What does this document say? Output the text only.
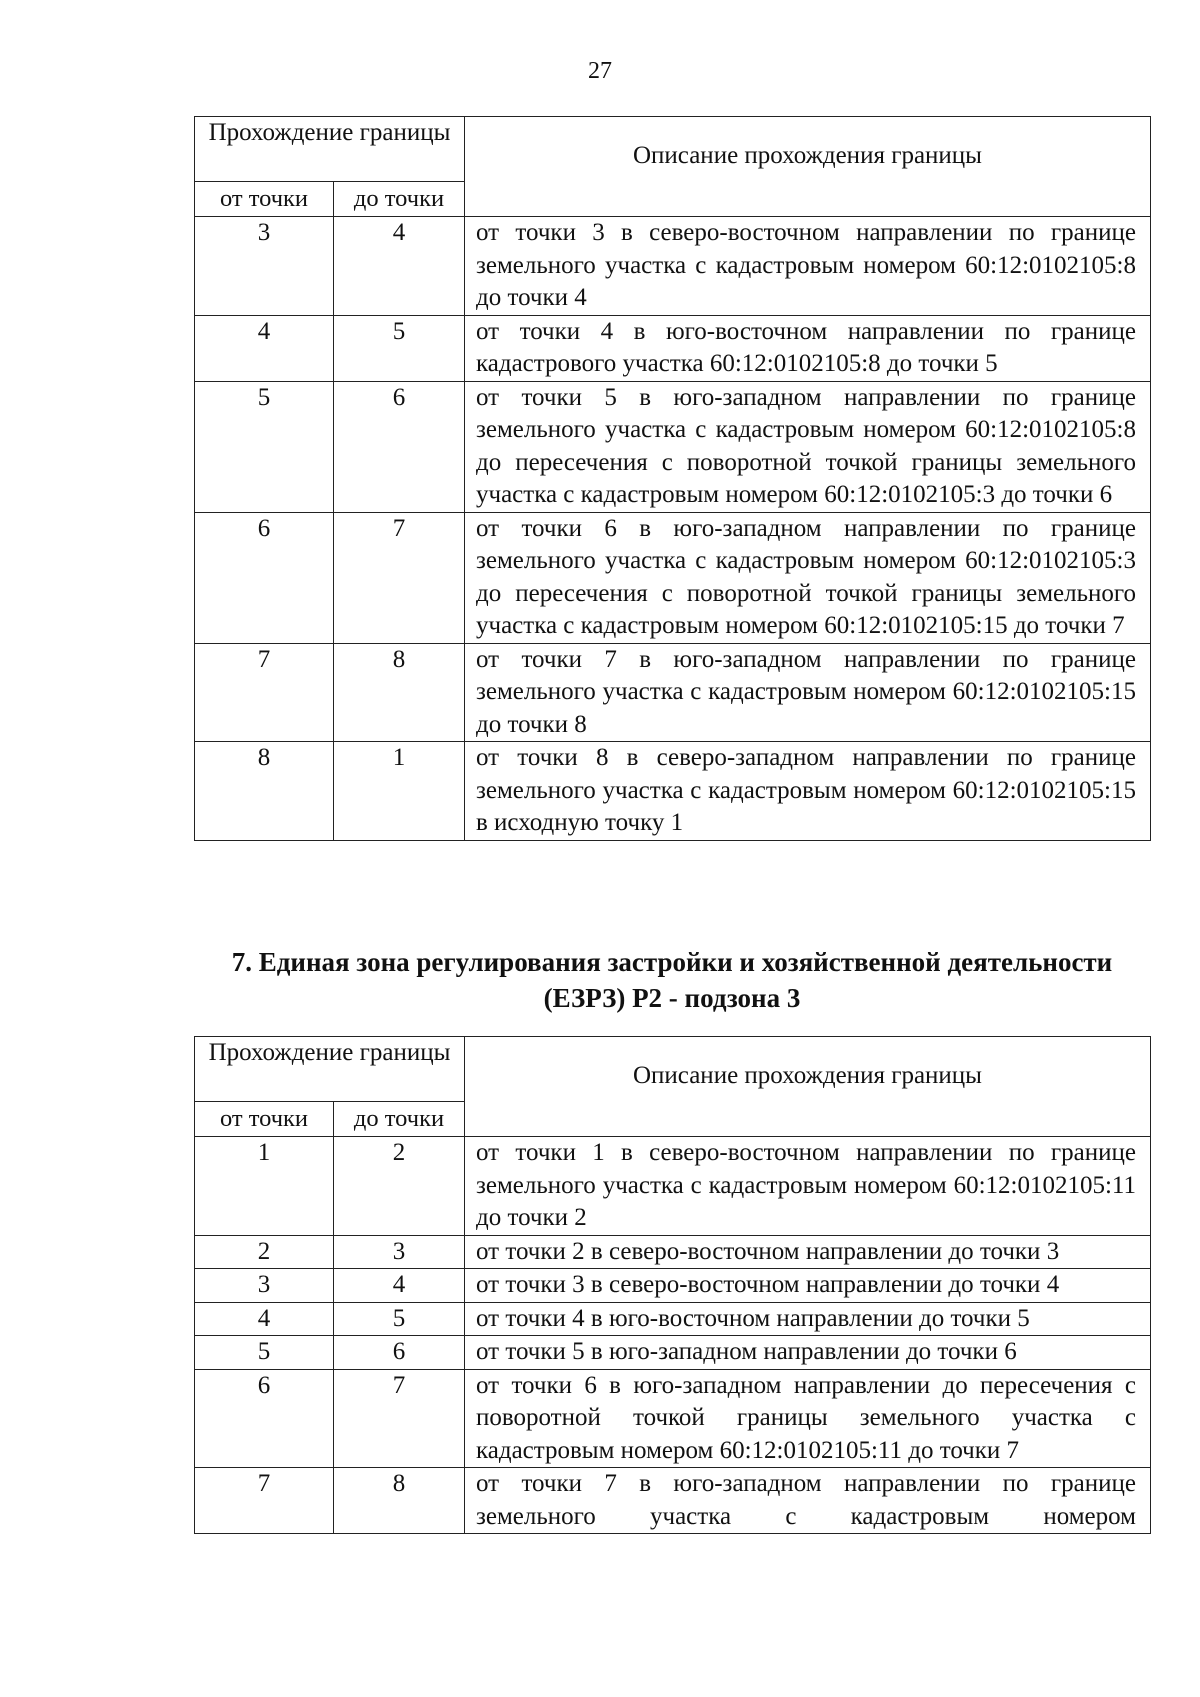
27
Прохождение границы		Описание прохождения границы
от точки	до точки	
3	4	от точки 3 в северо-восточном направлении по границе земельного участка с кадастровым номером 60:12:0102105:8 до точки 4
4	5	от точки 4 в юго-восточном направлении по границе кадастрового участка 60:12:0102105:8 до точки 5
5	6	от точки 5 в юго-западном направлении по границе земельного участка с кадастровым номером 60:12:0102105:8 до пересечения с поворотной точкой границы земельного участка с кадастровым номером 60:12:0102105:3 до точки 6
6	7	от точки 6 в юго-западном направлении по границе земельного участка с кадастровым номером 60:12:0102105:3 до пересечения с поворотной точкой границы земельного участка с кадастровым номером 60:12:0102105:15 до точки 7
7	8	от точки 7 в юго-западном направлении по границе земельного участка с кадастровым номером 60:12:0102105:15 до точки 8
8	1	от точки 8 в северо-западном направлении по границе земельного участка с кадастровым номером 60:12:0102105:15 в исходную точку 1
7. Единая зона регулирования застройки и хозяйственной деятельности
(ЕЗРЗ) Р2 - подзона 3
Прохождение границы		Описание прохождения границы
от точки	до точки	
1	2	от точки 1 в северо-восточном направлении по границе земельного участка с кадастровым номером 60:12:0102105:11 до точки 2
2	3	от точки 2 в северо-восточном направлении до точки 3
3	4	от точки 3 в северо-восточном направлении до точки 4
4	5	от точки 4 в юго-восточном направлении до точки 5
5	6	от точки 5 в юго-западном направлении до точки 6
6	7	от точки 6 в юго-западном направлении до пересечения с поворотной точкой границы земельного участка с кадастровым номером 60:12:0102105:11 до точки 7
7	8	от точки 7 в юго-западном направлении по границе земельного участка с кадастровым номером
